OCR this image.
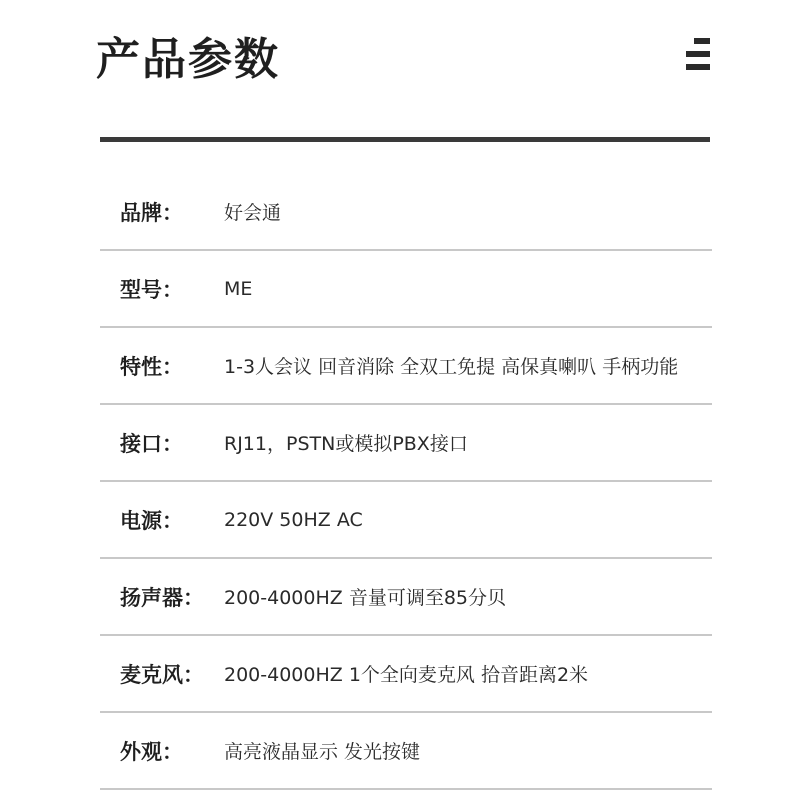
产品参数
品牌：	好会通
型号：	ME
特性：	1-3人会议 回音消除 全双工免提 高保真喇叭 手柄功能
接口：	RJ11，PSTN或模拟PBX接口
电源：	220V 50HZ AC
扬声器：	200-4000HZ 音量可调至85分贝
麦克风：	200-4000HZ 1个全向麦克风 拾音距离2米
外观：	高亮液晶显示 发光按键
